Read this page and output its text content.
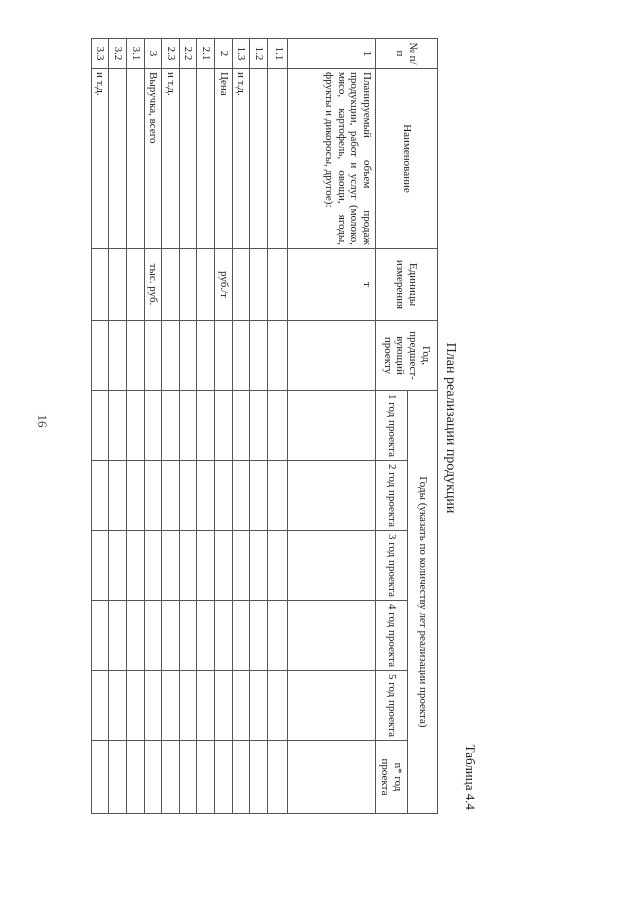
16
Таблица 4.4
План реализации продукции
№ п/п	Наименование	Единицы измерения	Год, предшест-вующий проекту	Годы (указать по количеству лет реализации проекта)					
				1 год проекта	2 год проекта	3 год проекта	4 год проекта	5 год проекта	n* год проекта
1	Планируемый объем продаж продукции, работ и услуг (молоко, мясо, картофель, овощи, ягоды, фрукты и дикоросы, другое):	т							
1.1									
1.2									
1.3	и т.д.								
2	Цена	руб./т							
2.1									
2.2									
2.3	и т.д.								
3	Выручка, всего	тыс. руб.							
3.1									
3.2									
3.3	и т.д.								
